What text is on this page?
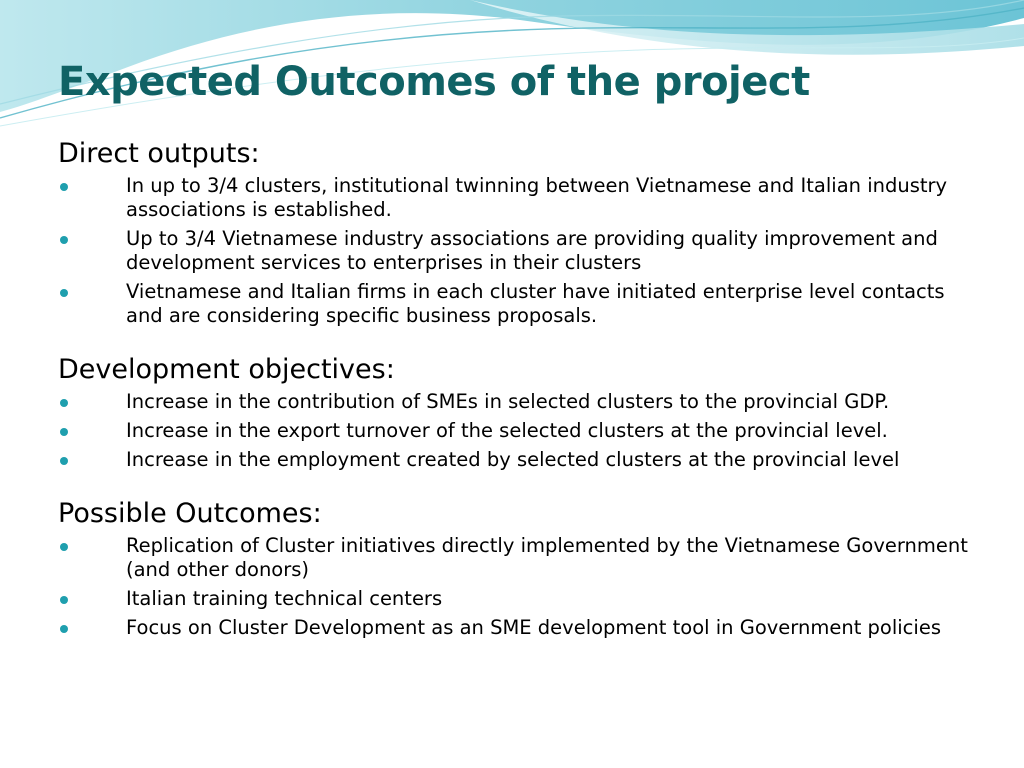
Expected Outcomes of the project
Direct outputs:
In up to 3/4 clusters, institutional twinning between Vietnamese and Italian industry associations is established.
Up to 3/4 Vietnamese industry associations are providing quality improvement and development services to enterprises in their clusters
Vietnamese and Italian firms in each cluster have initiated enterprise level contacts and are considering specific business proposals.
Development objectives:
Increase in the contribution of SMEs in selected clusters to the provincial GDP.
Increase in the export turnover of the selected clusters at the provincial level.
Increase in the employment created by selected clusters at the provincial level
Possible Outcomes:
Replication of Cluster initiatives directly implemented by the Vietnamese Government (and other donors)
Italian training technical centers
Focus on Cluster Development as an SME development tool in Government policies
